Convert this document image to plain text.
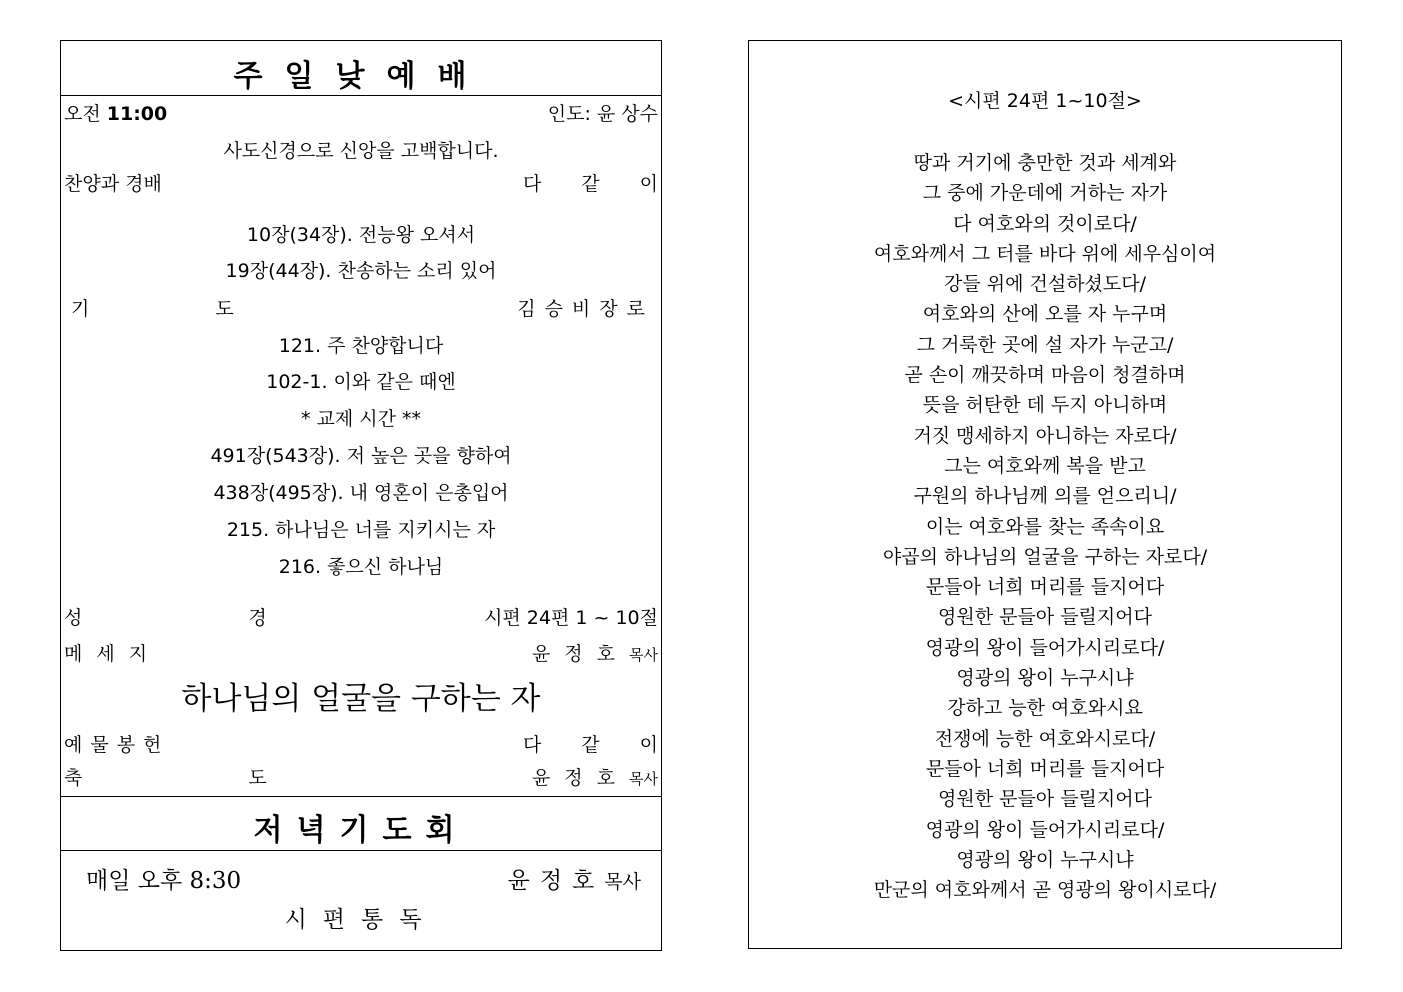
주일낮예배
오전 11:00	인도: 윤 상수
사도신경으로 신앙을 고백합니다.
찬양과 경배	다같이
10장(34장). 전능왕 오셔서
19장(44장). 찬송하는 소리 있어
기 도	김승비장로
121. 주 찬양합니다
102-1. 이와 같은 때엔
* 교제 시간 **
491장(543장). 저 높은 곳을 향하여
438장(495장). 내 영혼이 은총입어
215. 하나님은 너를 지키시는 자
216. 좋으신 하나님
성 경	시편 24편 1 ~ 10절
메세지	윤정호목사
하나님의 얼굴을 구하는 자
예물봉헌	다같이
축 도	윤정호목사
저녁기도회
매일 오후 8:30	윤정호목사
시편통독
<시편 24편 1~10절>
땅과 거기에 충만한 것과 세계와
그 중에 가운데에 거하는 자가
다 여호와의 것이로다/
여호와께서 그 터를 바다 위에 세우심이여
강들 위에 건설하셨도다/
여호와의 산에 오를 자 누구며
그 거룩한 곳에 설 자가 누군고/
곧 손이 깨끗하며 마음이 청결하며
뜻을 허탄한 데 두지 아니하며
거짓 맹세하지 아니하는 자로다/
그는 여호와께 복을 받고
구원의 하나님께 의를 얻으리니/
이는 여호와를 찾는 족속이요
야곱의 하나님의 얼굴을 구하는 자로다/
문들아 너희 머리를 들지어다
영원한 문들아 들릴지어다
영광의 왕이 들어가시리로다/
영광의 왕이 누구시냐
강하고 능한 여호와시요
전쟁에 능한 여호와시로다/
문들아 너희 머리를 들지어다
영원한 문들아 들릴지어다
영광의 왕이 들어가시리로다/
영광의 왕이 누구시냐
만군의 여호와께서 곧 영광의 왕이시로다/
